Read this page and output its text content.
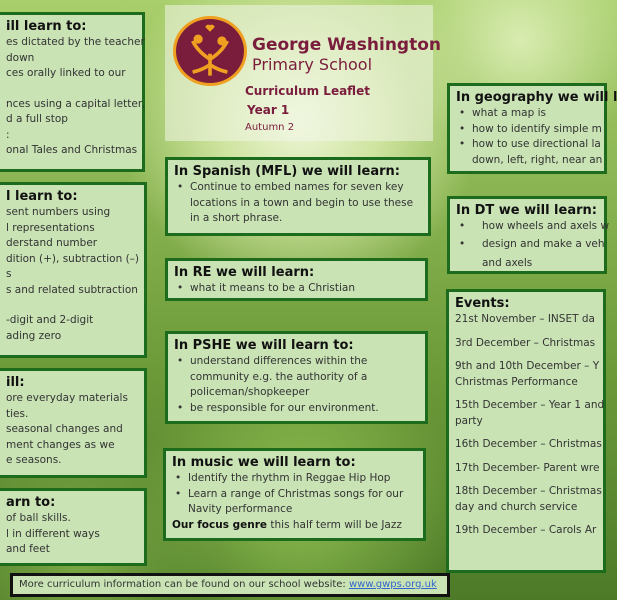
George Washington
Primary School
Curriculum Leaflet
Year 1
Autumn 2
ill learn to:

es dictated by the teacher

down

ces orally linked to our

nces using a capital letter,

d a full stop

:

onal Tales and Christmas

l learn to:

sent numbers using

l representations

derstand number

dition (+), subtraction (–)

s

s and related subtraction

-digit and 2-digit

ading zero

ill:

ore everyday materials

ties.

seasonal changes and

ment changes as we

e seasons.

arn to:

of ball skills.

l in different ways

and feet

In Spanish (MFL) we will learn:
• Continue to embed names for seven key locations in a town and begin to use these in a short phrase.
In RE we will learn:
• what it means to be a Christian
In PSHE we will learn to:
• understand differences within the community e.g. the authority of a policeman/shopkeeper
• be responsible for our environment.
In music we will learn to:
• Identify the rhythm in Reggae Hip Hop
• Learn a range of Christmas songs for our Navity performance

Our focus genre this half term will be Jazz

In geography we will l
• what a map is
• how to identify simple m
• how to use directional la

down, left, right, near an

In DT we will learn:
• how wheels and axels w
• design and make a veh

and axels

Events:

21st November – INSET da

3rd December – Christmas

9th and 10th December – Y
Christmas Performance

15th December – Year 1 and
party

16th December – Christmas

17th December- Parent wre

18th December – Christmas
day and church service

19th December – Carols Ar

More curriculum information can be found on our school website: www.gwps.org.uk
